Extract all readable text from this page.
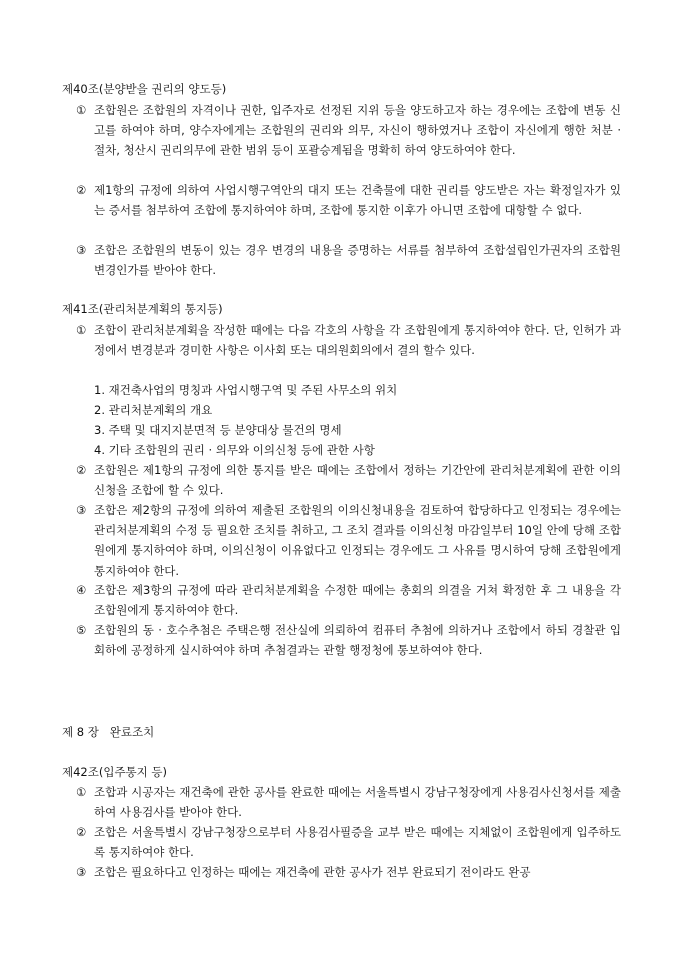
제40조(분양받을 권리의 양도등)
① 조합원은 조합원의 자격이나 권한, 입주자로 선정된 지위 등을 양도하고자 하는 경우에는 조합에 변동 신고를 하여야 하며, 양수자에게는 조합원의 권리와 의무, 자신이 행하였거나 조합이 자신에게 행한 처분 · 절차, 청산시 권리의무에 관한 범위 등이 포괄승계됨을 명확히 하여 양도하여야 한다.
② 제1항의 규정에 의하여 사업시행구역안의 대지 또는 건축물에 대한 권리를 양도받은 자는 확정일자가 있는 증서를 첨부하여 조합에 통지하여야 하며, 조합에 통지한 이후가 아니면 조합에 대항할 수 없다.
③ 조합은 조합원의 변동이 있는 경우 변경의 내용을 증명하는 서류를 첨부하여 조합설립인가권자의 조합원 변경인가를 받아야 한다.
제41조(관리처분계획의 통지등)
① 조합이 관리처분계획을 작성한 때에는 다음 각호의 사항을 각 조합원에게 통지하여야 한다. 단, 인허가 과정에서 변경분과 경미한 사항은 이사회 또는 대의원회의에서 결의 할수 있다.
1. 재건축사업의 명칭과 사업시행구역 및 주된 사무소의 위치
2. 관리처분계획의 개요
3. 주택 및 대지지분면적 등 분양대상 물건의 명세
4. 기타 조합원의 권리 · 의무와 이의신청 등에 관한 사항
② 조합원은 제1항의 규정에 의한 통지를 받은 때에는 조합에서 정하는 기간안에 관리처분계획에 관한 이의신청을 조합에 할 수 있다.
③ 조합은 제2항의 규정에 의하여 제출된 조합원의 이의신청내용을 검토하여 합당하다고 인정되는 경우에는 관리처분계획의 수정 등 필요한 조치를 취하고, 그 조치 결과를 이의신청 마감일부터 10일 안에 당해 조합원에게 통지하여야 하며, 이의신청이 이유없다고 인정되는 경우에도 그 사유를 명시하여 당해 조합원에게 통지하여야 한다.
④ 조합은 제3항의 규정에 따라 관리처분계획을 수정한 때에는 총회의 의결을 거쳐 확정한 후 그 내용을 각 조합원에게 통지하여야 한다.
⑤ 조합원의 동 · 호수추첨은 주택은행 전산실에 의뢰하여 컴퓨터 추첨에 의하거나 조합에서 하되 경찰관 입회하에 공정하게 실시하여야 하며 추첨결과는 관할 행정청에 통보하여야 한다.
제 8 장   완료조치
제42조(입주통지 등)
① 조합과 시공자는 재건축에 관한 공사를 완료한 때에는 서울특별시 강남구청장에게 사용검사신청서를 제출하여 사용검사를 받아야 한다.
② 조합은 서울특별시 강남구청장으로부터 사용검사필증을 교부 받은 때에는 지체없이 조합원에게 입주하도록 통지하여야 한다.
③ 조합은 필요하다고 인정하는 때에는 재건축에 관한 공사가 전부 완료되기 전이라도 완공
